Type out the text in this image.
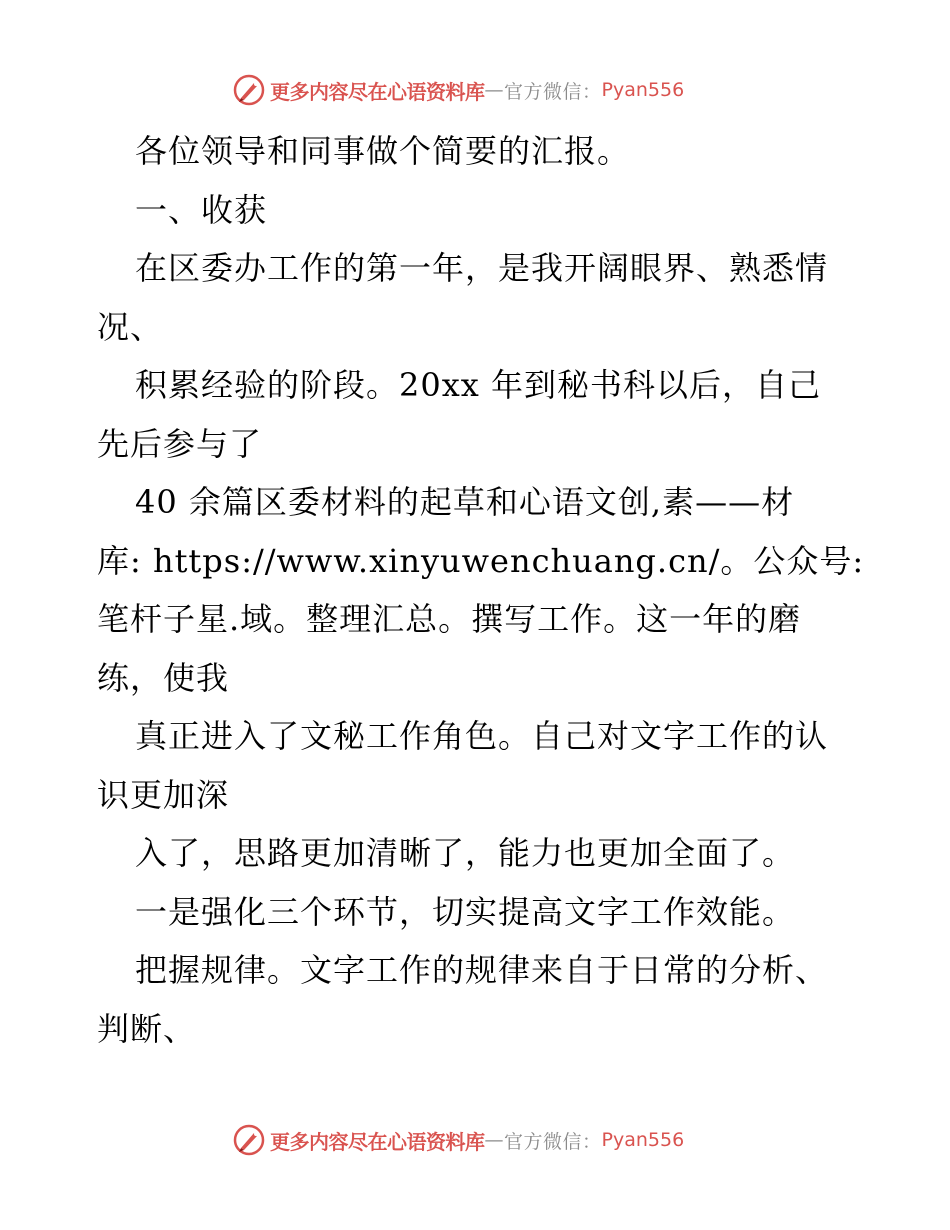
更多内容尽在心语资料库 — 官方微信： Pyan556
各位领导和同事做个简要的汇报。
一、收获
在区委办工作的第一年，是我开阔眼界、熟悉情
况、
积累经验的阶段。20xx 年到秘书科以后，自己
先后参与了
40 余篇区委材料的起草和心语文创,素——材
库: https://www.xinyuwenchuang.cn/。公众号:
笔杆子星.域。整理汇总。撰写工作。这一年的磨
练，使我
真正进入了文秘工作角色。自己对文字工作的认
识更加深
入了，思路更加清晰了，能力也更加全面了。
一是强化三个环节，切实提高文字工作效能。
把握规律。文字工作的规律来自于日常的分析、
判断、
更多内容尽在心语资料库 — 官方微信： Pyan556
